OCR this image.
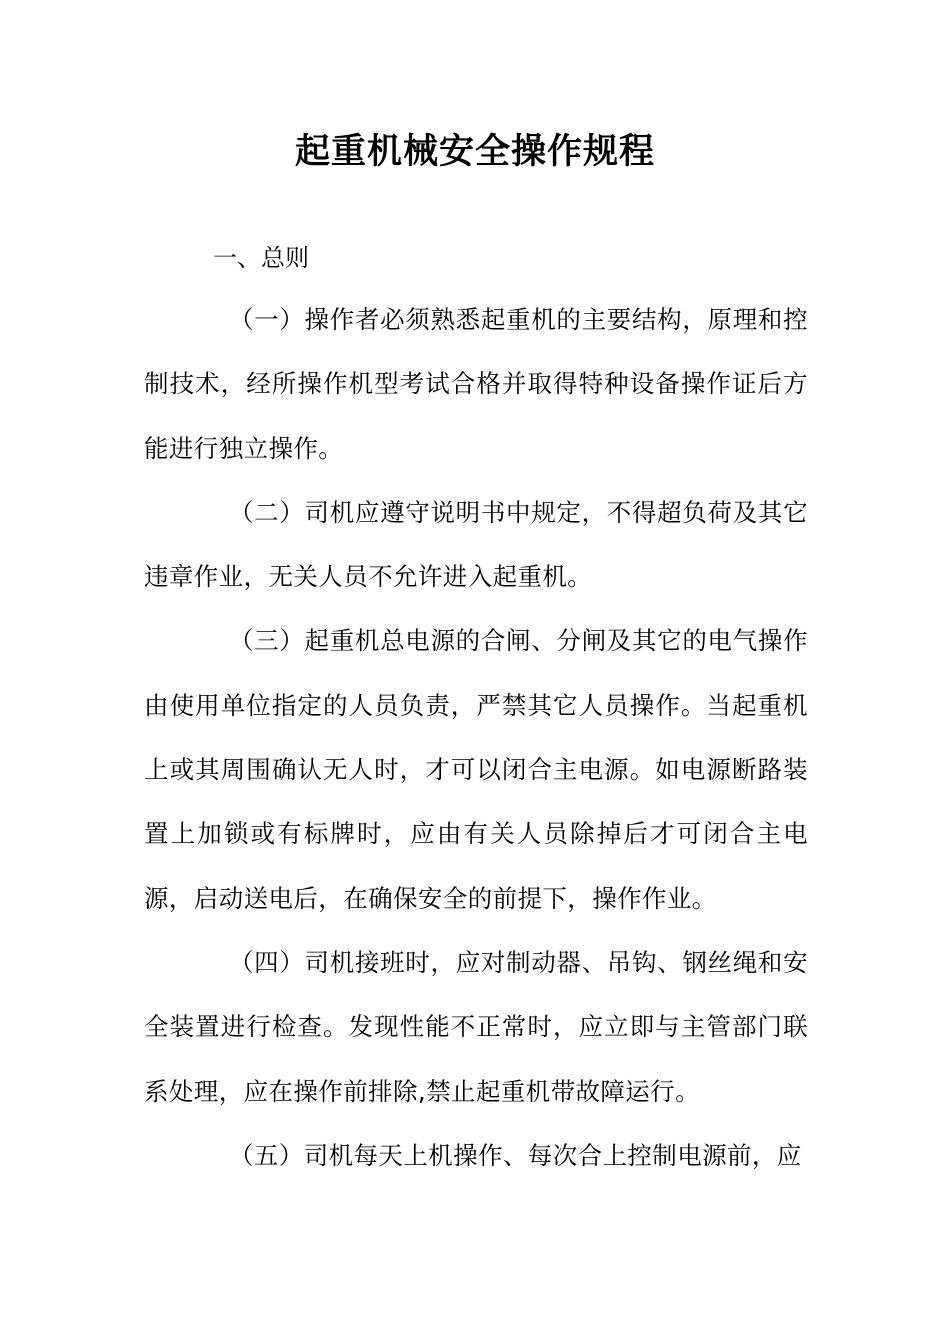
起重机械安全操作规程
一、总则

（一）操作者必须熟悉起重机的主要结构，原理和控制技术，经所操作机型考试合格并取得特种设备操作证后方能进行独立操作。

（二）司机应遵守说明书中规定，不得超负荷及其它违章作业，无关人员不允许进入起重机。

（三）起重机总电源的合闸、分闸及其它的电气操作由使用单位指定的人员负责，严禁其它人员操作。当起重机上或其周围确认无人时，才可以闭合主电源。如电源断路装置上加锁或有标牌时，应由有关人员除掉后才可闭合主电源，启动送电后，在确保安全的前提下，操作作业。

（四）司机接班时，应对制动器、吊钩、钢丝绳和安全装置进行检查。发现性能不正常时，应立即与主管部门联系处理，应在操作前排除,禁止起重机带故障运行。

（五）司机每天上机操作、每次合上控制电源前，应
